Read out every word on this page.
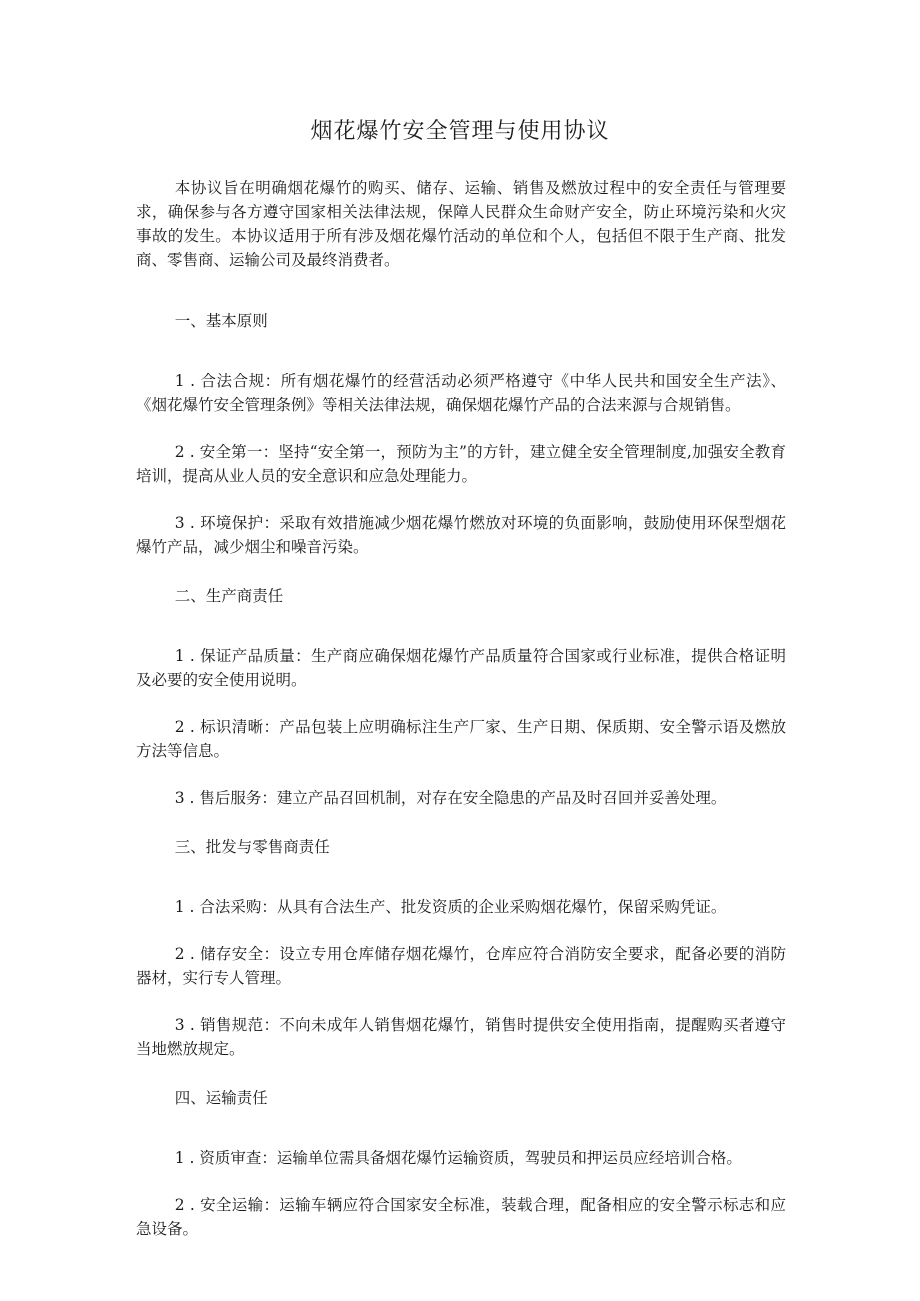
烟花爆竹安全管理与使用协议

本协议旨在明确烟花爆竹的购买、储存、运输、销售及燃放过程中的安全责任与管理要求，确保参与各方遵守国家相关法律法规，保障人民群众生命财产安全，防止环境污染和火灾事故的发生。本协议适用于所有涉及烟花爆竹活动的单位和个人，包括但不限于生产商、批发商、零售商、运输公司及最终消费者。

一、基本原则

1 . 合法合规：所有烟花爆竹的经营活动必须严格遵守《中华人民共和国安全生产法》、《烟花爆竹安全管理条例》等相关法律法规，确保烟花爆竹产品的合法来源与合规销售。

2 . 安全第一：坚持“安全第一，预防为主”的方针，建立健全安全管理制度,加强安全教育培训，提高从业人员的安全意识和应急处理能力。

3 . 环境保护：采取有效措施减少烟花爆竹燃放对环境的负面影响，鼓励使用环保型烟花爆竹产品，减少烟尘和噪音污染。

二、生产商责任

1 . 保证产品质量：生产商应确保烟花爆竹产品质量符合国家或行业标准，提供合格证明及必要的安全使用说明。

2 . 标识清晰：产品包装上应明确标注生产厂家、生产日期、保质期、安全警示语及燃放方法等信息。

3 . 售后服务：建立产品召回机制，对存在安全隐患的产品及时召回并妥善处理。

三、批发与零售商责任

1 . 合法采购：从具有合法生产、批发资质的企业采购烟花爆竹，保留采购凭证。

2 . 储存安全：设立专用仓库储存烟花爆竹，仓库应符合消防安全要求，配备必要的消防器材，实行专人管理。

3 . 销售规范：不向未成年人销售烟花爆竹，销售时提供安全使用指南，提醒购买者遵守当地燃放规定。

四、运输责任

1 . 资质审查：运输单位需具备烟花爆竹运输资质，驾驶员和押运员应经培训合格。

2 . 安全运输：运输车辆应符合国家安全标准，装载合理，配备相应的安全警示标志和应急设备。
